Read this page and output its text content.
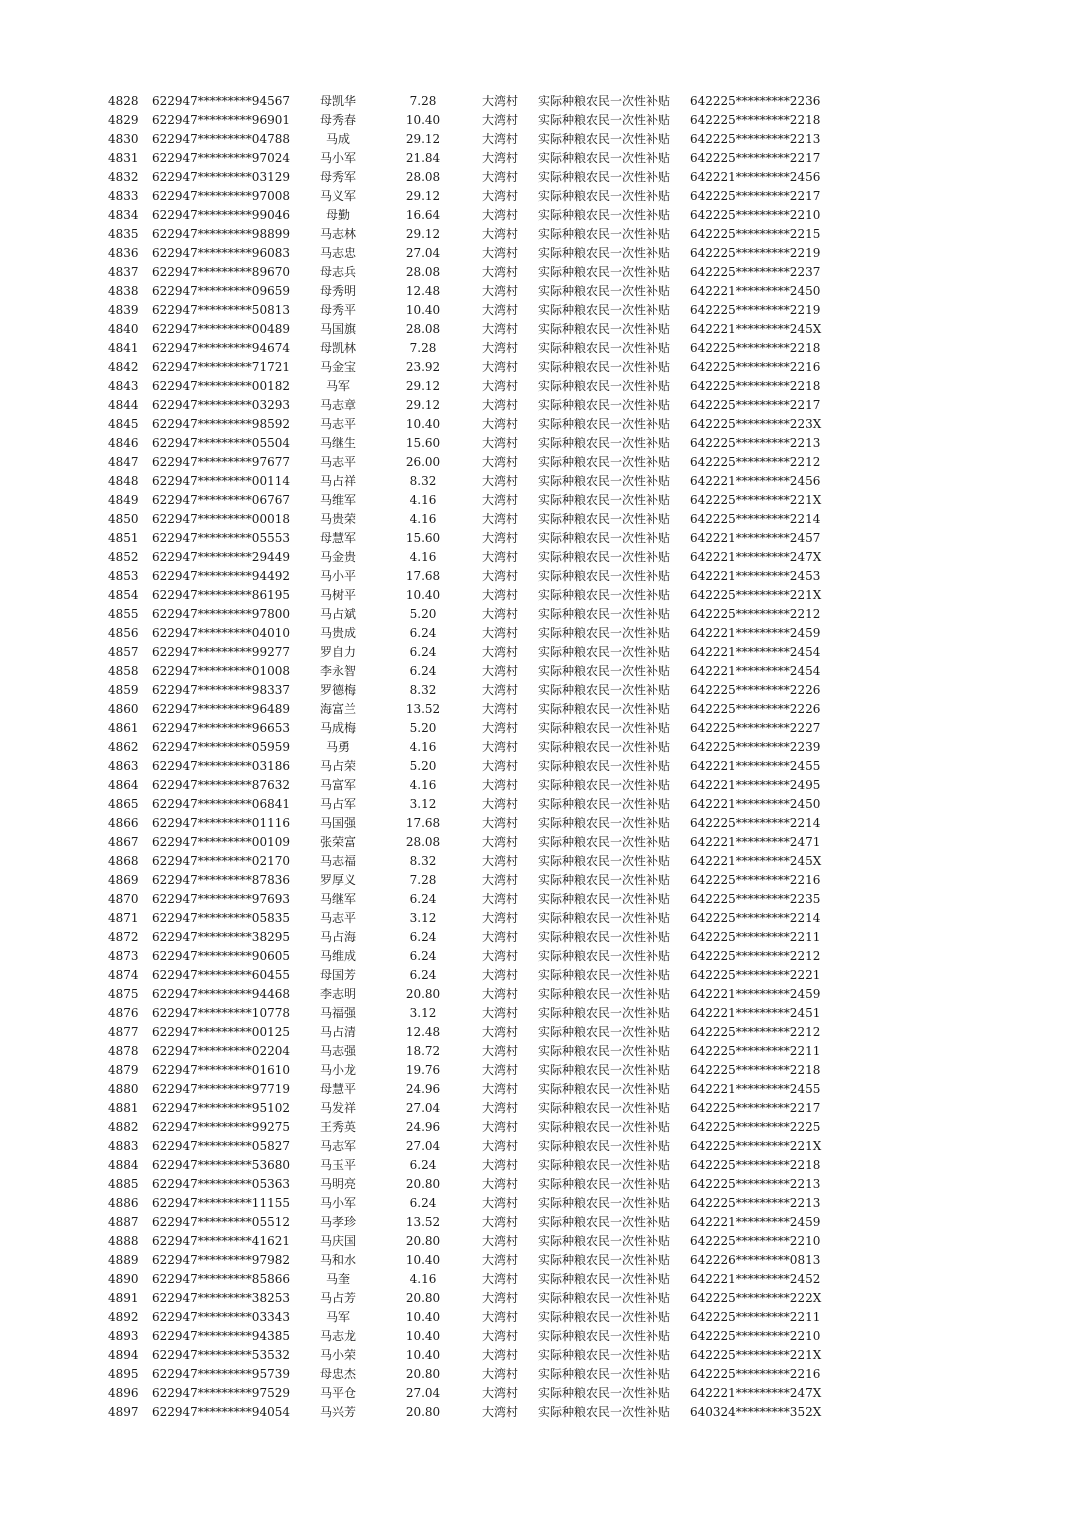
4828	622947*********94567	母凯华	7.28	大湾村	实际种粮农民一次性补贴	642225*********2236
4829	622947*********96901	母秀春	10.40	大湾村	实际种粮农民一次性补贴	642225*********2218
4830	622947*********04788	马成	29.12	大湾村	实际种粮农民一次性补贴	642225*********2213
4831	622947*********97024	马小军	21.84	大湾村	实际种粮农民一次性补贴	642225*********2217
4832	622947*********03129	母秀军	28.08	大湾村	实际种粮农民一次性补贴	642221*********2456
4833	622947*********97008	马义军	29.12	大湾村	实际种粮农民一次性补贴	642225*********2217
4834	622947*********99046	母勤	16.64	大湾村	实际种粮农民一次性补贴	642225*********2210
4835	622947*********98899	马志林	29.12	大湾村	实际种粮农民一次性补贴	642225*********2215
4836	622947*********96083	马志忠	27.04	大湾村	实际种粮农民一次性补贴	642225*********2219
4837	622947*********89670	母志兵	28.08	大湾村	实际种粮农民一次性补贴	642225*********2237
4838	622947*********09659	母秀明	12.48	大湾村	实际种粮农民一次性补贴	642221*********2450
4839	622947*********50813	母秀平	10.40	大湾村	实际种粮农民一次性补贴	642225*********2219
4840	622947*********00489	马国旗	28.08	大湾村	实际种粮农民一次性补贴	642221*********245X
4841	622947*********94674	母凯林	7.28	大湾村	实际种粮农民一次性补贴	642225*********2218
4842	622947*********71721	马金宝	23.92	大湾村	实际种粮农民一次性补贴	642225*********2216
4843	622947*********00182	马军	29.12	大湾村	实际种粮农民一次性补贴	642225*********2218
4844	622947*********03293	马志章	29.12	大湾村	实际种粮农民一次性补贴	642225*********2217
4845	622947*********98592	马志平	10.40	大湾村	实际种粮农民一次性补贴	642225*********223X
4846	622947*********05504	马继生	15.60	大湾村	实际种粮农民一次性补贴	642225*********2213
4847	622947*********97677	马志平	26.00	大湾村	实际种粮农民一次性补贴	642225*********2212
4848	622947*********00114	马占祥	8.32	大湾村	实际种粮农民一次性补贴	642221*********2456
4849	622947*********06767	马维军	4.16	大湾村	实际种粮农民一次性补贴	642225*********221X
4850	622947*********00018	马贵荣	4.16	大湾村	实际种粮农民一次性补贴	642225*********2214
4851	622947*********05553	母慧军	15.60	大湾村	实际种粮农民一次性补贴	642221*********2457
4852	622947*********29449	马金贵	4.16	大湾村	实际种粮农民一次性补贴	642221*********247X
4853	622947*********94492	马小平	17.68	大湾村	实际种粮农民一次性补贴	642221*********2453
4854	622947*********86195	马树平	10.40	大湾村	实际种粮农民一次性补贴	642225*********221X
4855	622947*********97800	马占斌	5.20	大湾村	实际种粮农民一次性补贴	642225*********2212
4856	622947*********04010	马贵成	6.24	大湾村	实际种粮农民一次性补贴	642221*********2459
4857	622947*********99277	罗自力	6.24	大湾村	实际种粮农民一次性补贴	642221*********2454
4858	622947*********01008	李永智	6.24	大湾村	实际种粮农民一次性补贴	642221*********2454
4859	622947*********98337	罗德梅	8.32	大湾村	实际种粮农民一次性补贴	642225*********2226
4860	622947*********96489	海富兰	13.52	大湾村	实际种粮农民一次性补贴	642225*********2226
4861	622947*********96653	马成梅	5.20	大湾村	实际种粮农民一次性补贴	642225*********2227
4862	622947*********05959	马勇	4.16	大湾村	实际种粮农民一次性补贴	642225*********2239
4863	622947*********03186	马占荣	5.20	大湾村	实际种粮农民一次性补贴	642221*********2455
4864	622947*********87632	马富军	4.16	大湾村	实际种粮农民一次性补贴	642221*********2495
4865	622947*********06841	马占军	3.12	大湾村	实际种粮农民一次性补贴	642221*********2450
4866	622947*********01116	马国强	17.68	大湾村	实际种粮农民一次性补贴	642225*********2214
4867	622947*********00109	张荣富	28.08	大湾村	实际种粮农民一次性补贴	642221*********2471
4868	622947*********02170	马志福	8.32	大湾村	实际种粮农民一次性补贴	642221*********245X
4869	622947*********87836	罗厚义	7.28	大湾村	实际种粮农民一次性补贴	642225*********2216
4870	622947*********97693	马继军	6.24	大湾村	实际种粮农民一次性补贴	642225*********2235
4871	622947*********05835	马志平	3.12	大湾村	实际种粮农民一次性补贴	642225*********2214
4872	622947*********38295	马占海	6.24	大湾村	实际种粮农民一次性补贴	642225*********2211
4873	622947*********90605	马维成	6.24	大湾村	实际种粮农民一次性补贴	642225*********2212
4874	622947*********60455	母国芳	6.24	大湾村	实际种粮农民一次性补贴	642225*********2221
4875	622947*********94468	李志明	20.80	大湾村	实际种粮农民一次性补贴	642221*********2459
4876	622947*********10778	马福强	3.12	大湾村	实际种粮农民一次性补贴	642221*********2451
4877	622947*********00125	马占清	12.48	大湾村	实际种粮农民一次性补贴	642225*********2212
4878	622947*********02204	马志强	18.72	大湾村	实际种粮农民一次性补贴	642225*********2211
4879	622947*********01610	马小龙	19.76	大湾村	实际种粮农民一次性补贴	642225*********2218
4880	622947*********97719	母慧平	24.96	大湾村	实际种粮农民一次性补贴	642221*********2455
4881	622947*********95102	马发祥	27.04	大湾村	实际种粮农民一次性补贴	642225*********2217
4882	622947*********99275	王秀英	24.96	大湾村	实际种粮农民一次性补贴	642225*********2225
4883	622947*********05827	马志军	27.04	大湾村	实际种粮农民一次性补贴	642225*********221X
4884	622947*********53680	马玉平	6.24	大湾村	实际种粮农民一次性补贴	642225*********2218
4885	622947*********05363	马明亮	20.80	大湾村	实际种粮农民一次性补贴	642225*********2213
4886	622947*********11155	马小军	6.24	大湾村	实际种粮农民一次性补贴	642225*********2213
4887	622947*********05512	马孝珍	13.52	大湾村	实际种粮农民一次性补贴	642221*********2459
4888	622947*********41621	马庆国	20.80	大湾村	实际种粮农民一次性补贴	642225*********2210
4889	622947*********97982	马和水	10.40	大湾村	实际种粮农民一次性补贴	642226*********0813
4890	622947*********85866	马奎	4.16	大湾村	实际种粮农民一次性补贴	642221*********2452
4891	622947*********38253	马占芳	20.80	大湾村	实际种粮农民一次性补贴	642225*********222X
4892	622947*********03343	马军	10.40	大湾村	实际种粮农民一次性补贴	642225*********2211
4893	622947*********94385	马志龙	10.40	大湾村	实际种粮农民一次性补贴	642225*********2210
4894	622947*********53532	马小荣	10.40	大湾村	实际种粮农民一次性补贴	642225*********221X
4895	622947*********95739	母忠杰	20.80	大湾村	实际种粮农民一次性补贴	642225*********2216
4896	622947*********97529	马平仓	27.04	大湾村	实际种粮农民一次性补贴	642221*********247X
4897	622947*********94054	马兴芳	20.80	大湾村	实际种粮农民一次性补贴	640324*********352X
